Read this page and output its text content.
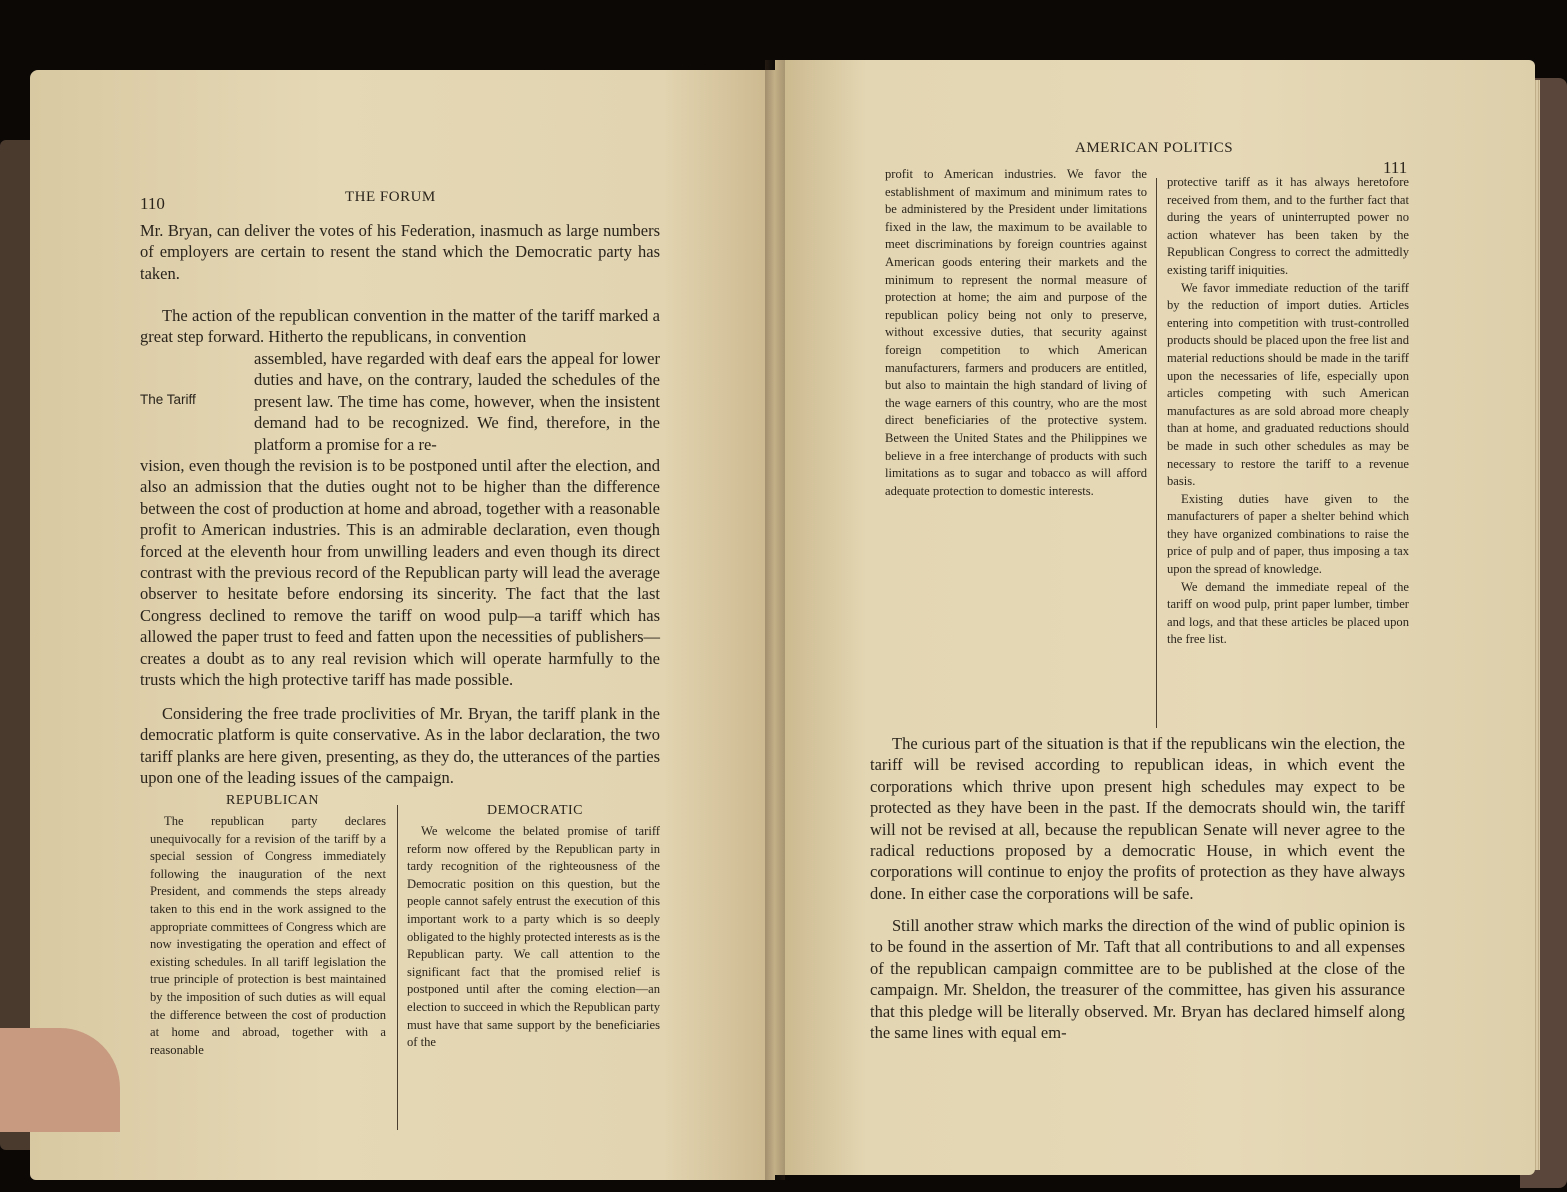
110	THE FORUM

Mr. Bryan, can deliver the votes of his Federation, inasmuch as large numbers of employers are certain to resent the stand which the Democratic party has taken.

The action of the republican convention in the matter of the tariff marked a great step forward. Hitherto the republicans, in convention

The Tariff

assembled, have regarded with deaf ears the appeal for lower duties and have, on the contrary, lauded the schedules of the present law. The time has come, however, when the insistent demand had to be recognized. We find, therefore, in the platform a promise for a re-

vision, even though the revision is to be postponed until after the election, and also an admission that the duties ought not to be higher than the difference between the cost of production at home and abroad, together with a reasonable profit to American industries. This is an admirable declaration, even though forced at the eleventh hour from unwilling leaders and even though its direct contrast with the previous record of the Republican party will lead the average observer to hesitate before endorsing its sincerity. The fact that the last Congress declined to remove the tariff on wood pulp—a tariff which has allowed the paper trust to feed and fatten upon the necessities of publishers—creates a doubt as to any real revision which will operate harmfully to the trusts which the high protective tariff has made possible.

Considering the free trade proclivities of Mr. Bryan, the tariff plank in the democratic platform is quite conservative. As in the labor declaration, the two tariff planks are here given, presenting, as they do, the utterances of the parties upon one of the leading issues of the campaign.

REPUBLICAN
DEMOCRATIC

The republican party declares unequivocally for a revision of the tariff by a special session of Congress immediately following the inauguration of the next President, and commends the steps already taken to this end in the work assigned to the appropriate committees of Congress which are now investigating the operation and effect of existing schedules. In all tariff legislation the true principle of protection is best maintained by the imposition of such duties as will equal the difference between the cost of production at home and abroad, together with a reasonable

We welcome the belated promise of tariff reform now offered by the Republican party in tardy recognition of the righteousness of the Democratic position on this question, but the people cannot safely entrust the execution of this important work to a party which is so deeply obligated to the highly protected interests as is the Republican party. We call attention to the significant fact that the promised relief is postponed until after the coming election—an election to succeed in which the Republican party must have that same support by the beneficiaries of the

AMERICAN POLITICS
111

profit to American industries. We favor the establishment of maximum and minimum rates to be administered by the President under limitations fixed in the law, the maximum to be available to meet discriminations by foreign countries against American goods entering their markets and the minimum to represent the normal measure of protection at home; the aim and purpose of the republican policy being not only to preserve, without excessive duties, that security against foreign competition to which American manufacturers, farmers and producers are entitled, but also to maintain the high standard of living of the wage earners of this country, who are the most direct beneficiaries of the protective system. Between the United States and the Philippines we believe in a free interchange of products with such limitations as to sugar and tobacco as will afford adequate protection to domestic interests.

protective tariff as it has always heretofore received from them, and to the further fact that during the years of uninterrupted power no action whatever has been taken by the Republican Congress to correct the admittedly existing tariff iniquities.

We favor immediate reduction of the tariff by the reduction of import duties. Articles entering into competition with trust-controlled products should be placed upon the free list and material reductions should be made in the tariff upon the necessaries of life, especially upon articles competing with such American manufactures as are sold abroad more cheaply than at home, and graduated reductions should be made in such other schedules as may be necessary to restore the tariff to a revenue basis.

Existing duties have given to the manufacturers of paper a shelter behind which they have organized combinations to raise the price of pulp and of paper, thus imposing a tax upon the spread of knowledge.

We demand the immediate repeal of the tariff on wood pulp, print paper lumber, timber and logs, and that these articles be placed upon the free list.

The curious part of the situation is that if the republicans win the election, the tariff will be revised according to republican ideas, in which event the corporations which thrive upon present high schedules may expect to be protected as they have been in the past. If the democrats should win, the tariff will not be revised at all, because the republican Senate will never agree to the radical reductions proposed by a democratic House, in which event the corporations will continue to enjoy the profits of protection as they have always done. In either case the corporations will be safe.

Still another straw which marks the direction of the wind of public opinion is to be found in the assertion of Mr. Taft that all contributions to and all expenses of the republican campaign committee are to be published at the close of the campaign. Mr. Sheldon, the treasurer of the committee, has given his assurance that this pledge will be literally observed. Mr. Bryan has declared himself along the same lines with equal em-
